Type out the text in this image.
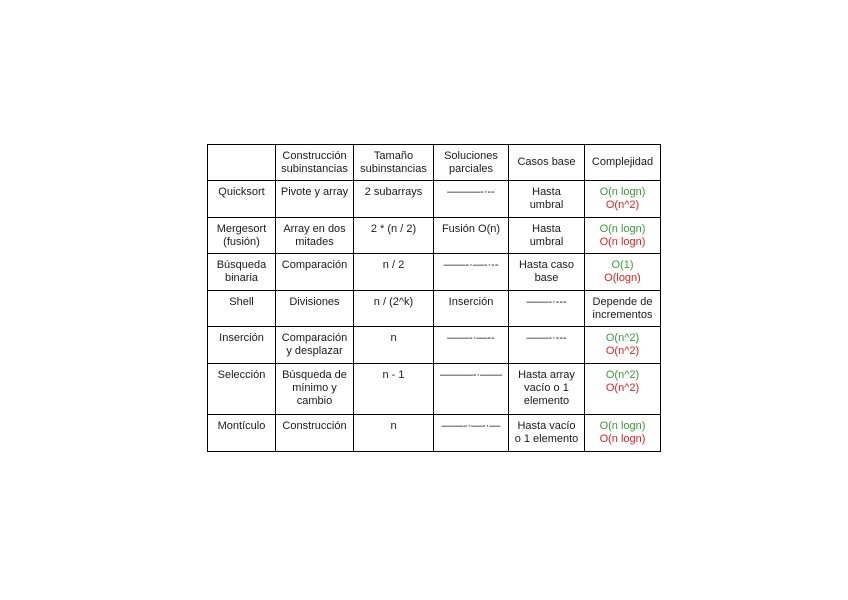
	Construcción
subinstancias	Tamaño
subinstancias	Soluciones
parciales	Casos base	Complejidad

Quicksort	Pivote y array	2 subarrays	———-·--	Hasta
umbral	O(n logn)
O(n^2)

Mergesort
(fusión)	Array en dos
mitades	2 * (n / 2)	Fusión O(n)	Hasta
umbral	O(n logn)
O(n logn)

Búsqueda
binaria	Comparación	n / 2	——-·—-·--	Hasta caso
base	O(1)
O(logn)

Shell	Divisiones	n / (2^k)	Inserción	——-·---	Depende de
incrementos

Inserción	Comparación
y desplazar	n	——-·—--	——-·---	O(n^2)
O(n^2)

Selección	Búsqueda de
mínimo y
cambio	n - 1	———-·——	Hasta array
vacío o 1
elemento	O(n^2)
O(n^2)

Montículo	Construcción	n	——-·—-·—	Hasta vacío
o 1 elemento	O(n logn)
O(n logn)
